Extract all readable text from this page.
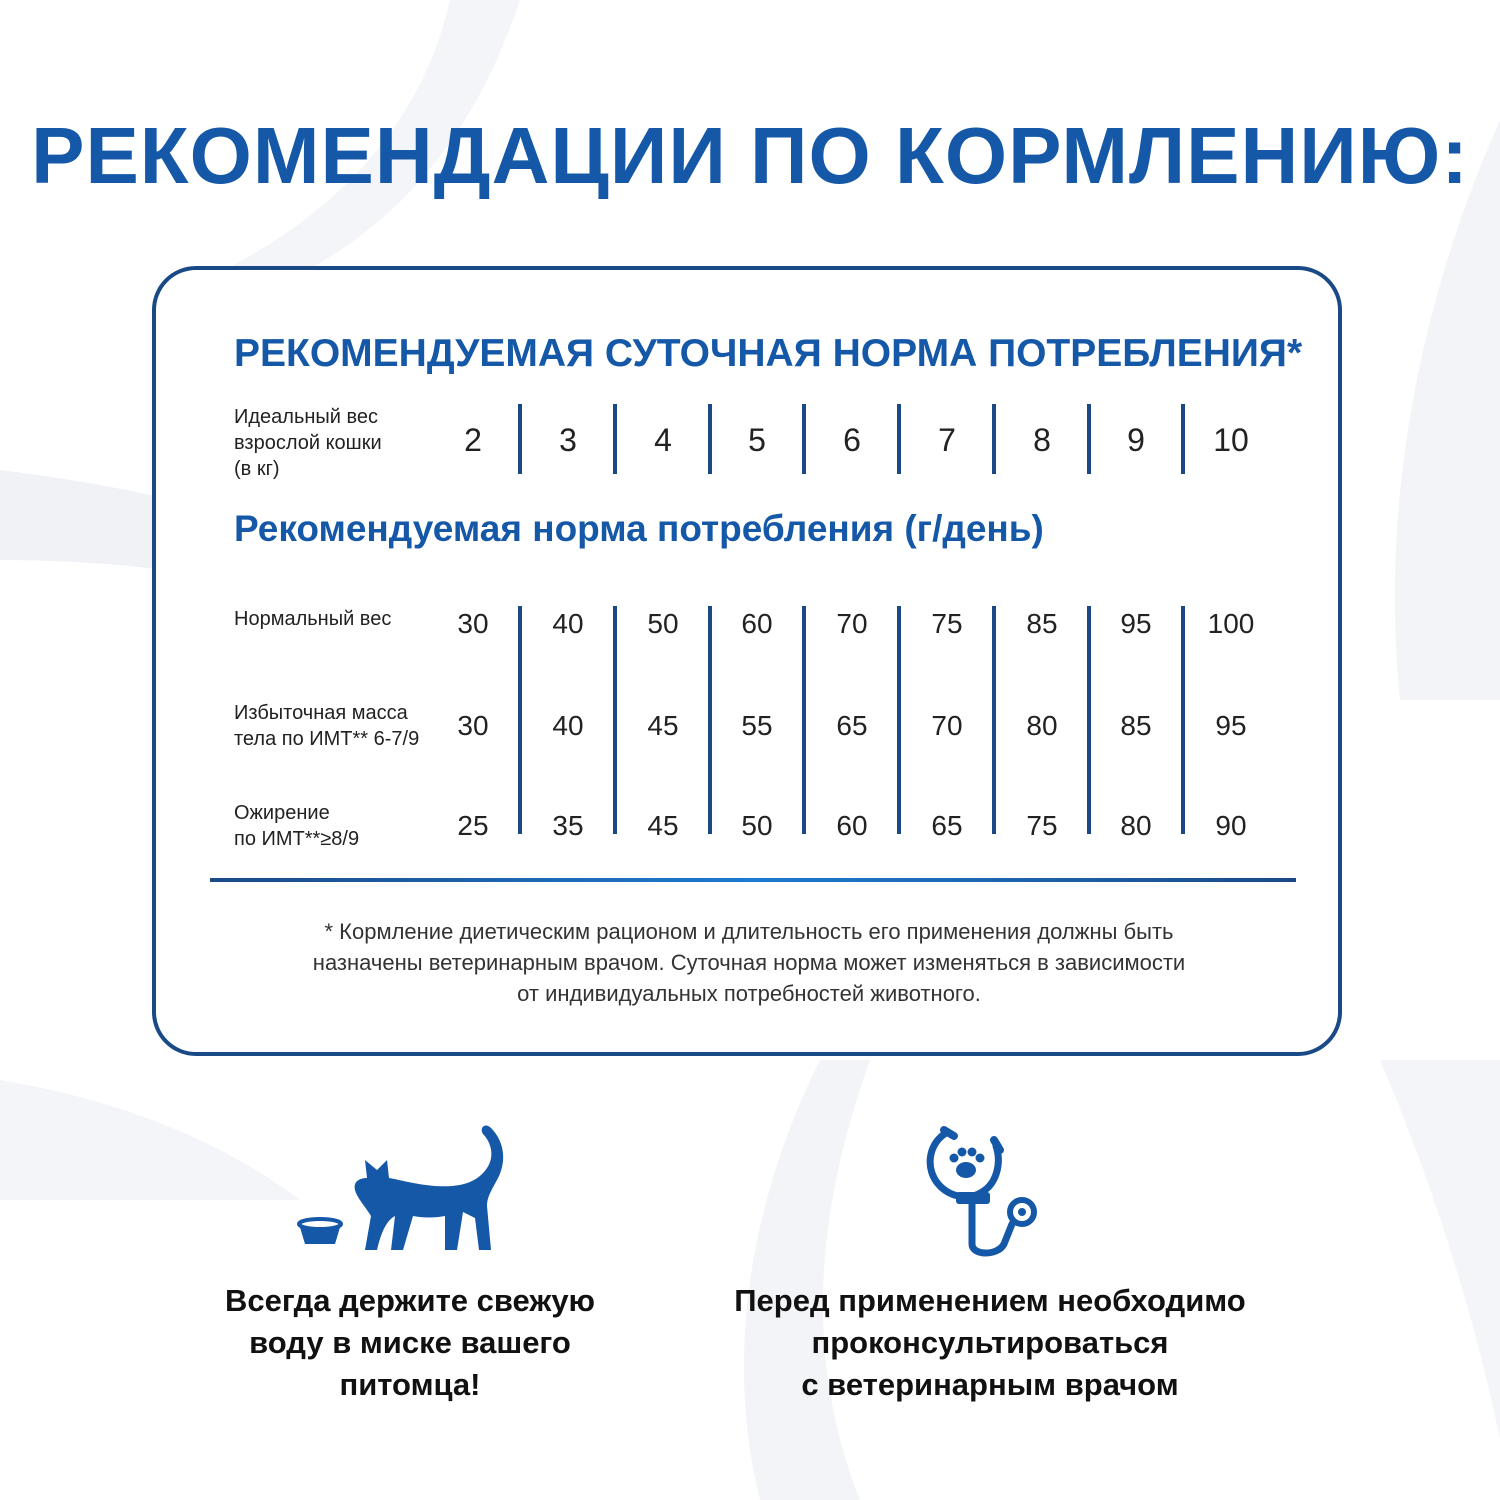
РЕКОМЕНДАЦИИ ПО КОРМЛЕНИЮ:
РЕКОМЕНДУЕМАЯ СУТОЧНАЯ НОРМА ПОТРЕБЛЕНИЯ*
Идеальный вес
взрослой кошки
(в кг)
2	3	4	5	6	7	8	9	10
Рекомендуемая норма потребления (г/день)
Нормальный вес	30	40	50	60	70	75	85	95	100
Избыточная масса
тела по ИМТ** 6-7/9	30	40	45	55	65	70	80	85	95
Ожирение
по ИМТ**≥8/9	25	35	45	50	60	65	75	80	90
* Кормление диетическим рационом и длительность его применения должны быть
назначены ветеринарным врачом. Суточная норма может изменяться в зависимости
от индивидуальных потребностей животного.
Всегда держите свежую
воду в миске вашего
питомца!
Перед применением необходимо
проконсультироваться
с ветеринарным врачом
